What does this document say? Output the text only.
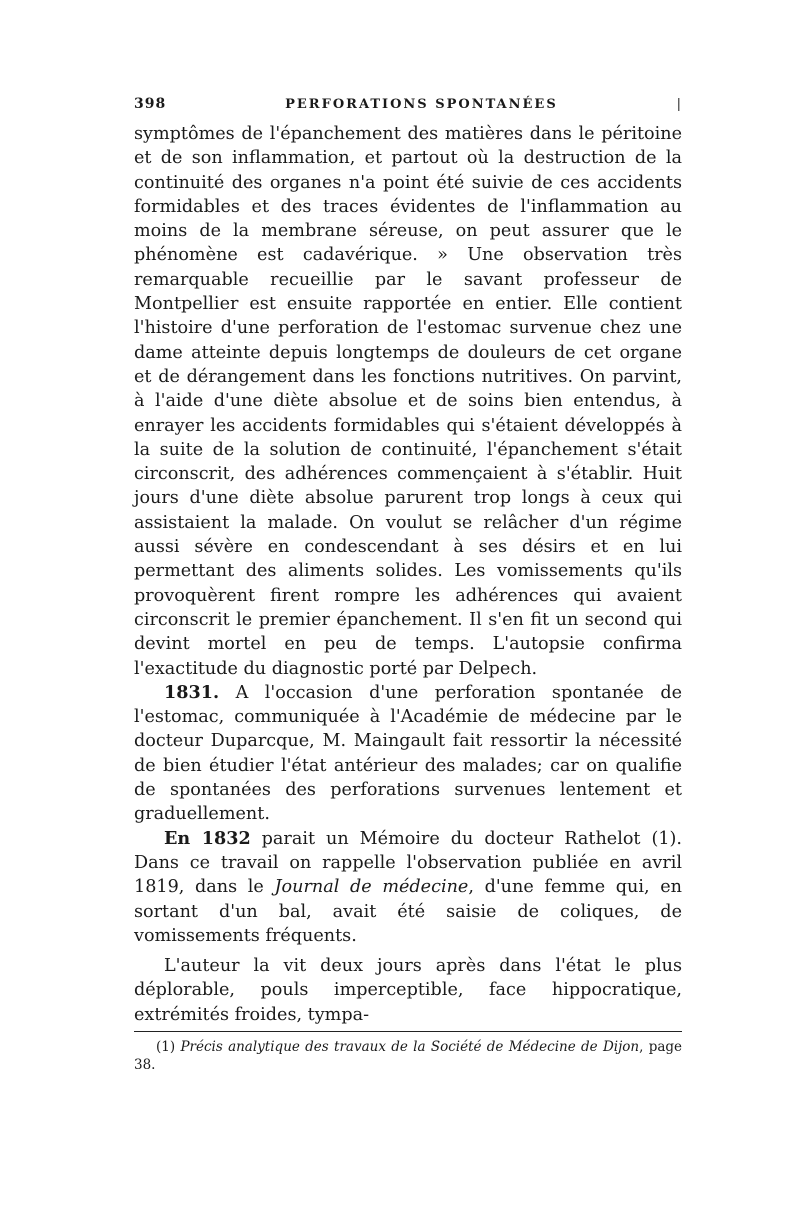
398	PERFORATIONS SPONTANÉES	|

symptômes de l'épanchement des matières dans le péritoine et de son inflammation, et partout où la destruction de la continuité des organes n'a point été suivie de ces accidents formidables et des traces évidentes de l'inflammation au moins de la membrane séreuse, on peut assurer que le phénomène est cadavérique. » Une observation très remarquable recueillie par le savant professeur de Montpellier est ensuite rapportée en entier. Elle contient l'histoire d'une perforation de l'estomac survenue chez une dame atteinte depuis longtemps de douleurs de cet organe et de dérangement dans les fonctions nutritives. On parvint, à l'aide d'une diète absolue et de soins bien entendus, à enrayer les accidents formidables qui s'étaient développés à la suite de la solution de continuité, l'épanchement s'était circonscrit, des adhérences commençaient à s'établir. Huit jours d'une diète absolue parurent trop longs à ceux qui assistaient la malade. On voulut se relâcher d'un régime aussi sévère en condescendant à ses désirs et en lui permettant des aliments solides. Les vomissements qu'ils provoquèrent firent rompre les adhérences qui avaient circonscrit le premier épanchement. Il s'en fit un second qui devint mortel en peu de temps. L'autopsie confirma l'exactitude du diagnostic porté par Delpech.

1831. A l'occasion d'une perforation spontanée de l'estomac, communiquée à l'Académie de médecine par le docteur Duparcque, M. Maingault fait ressortir la nécessité de bien étudier l'état antérieur des malades; car on qualifie de spontanées des perforations survenues lentement et graduellement.

En 1832 parait un Mémoire du docteur Rathelot (1). Dans ce travail on rappelle l'observation publiée en avril 1819, dans le Journal de médecine, d'une femme qui, en sortant d'un bal, avait été saisie de coliques, de vomissements fréquents.

L'auteur la vit deux jours après dans l'état le plus déplorable, pouls imperceptible, face hippocratique, extrémités froides, tympa-

(1) Précis analytique des travaux de la Société de Médecine de Dijon, page 38.
